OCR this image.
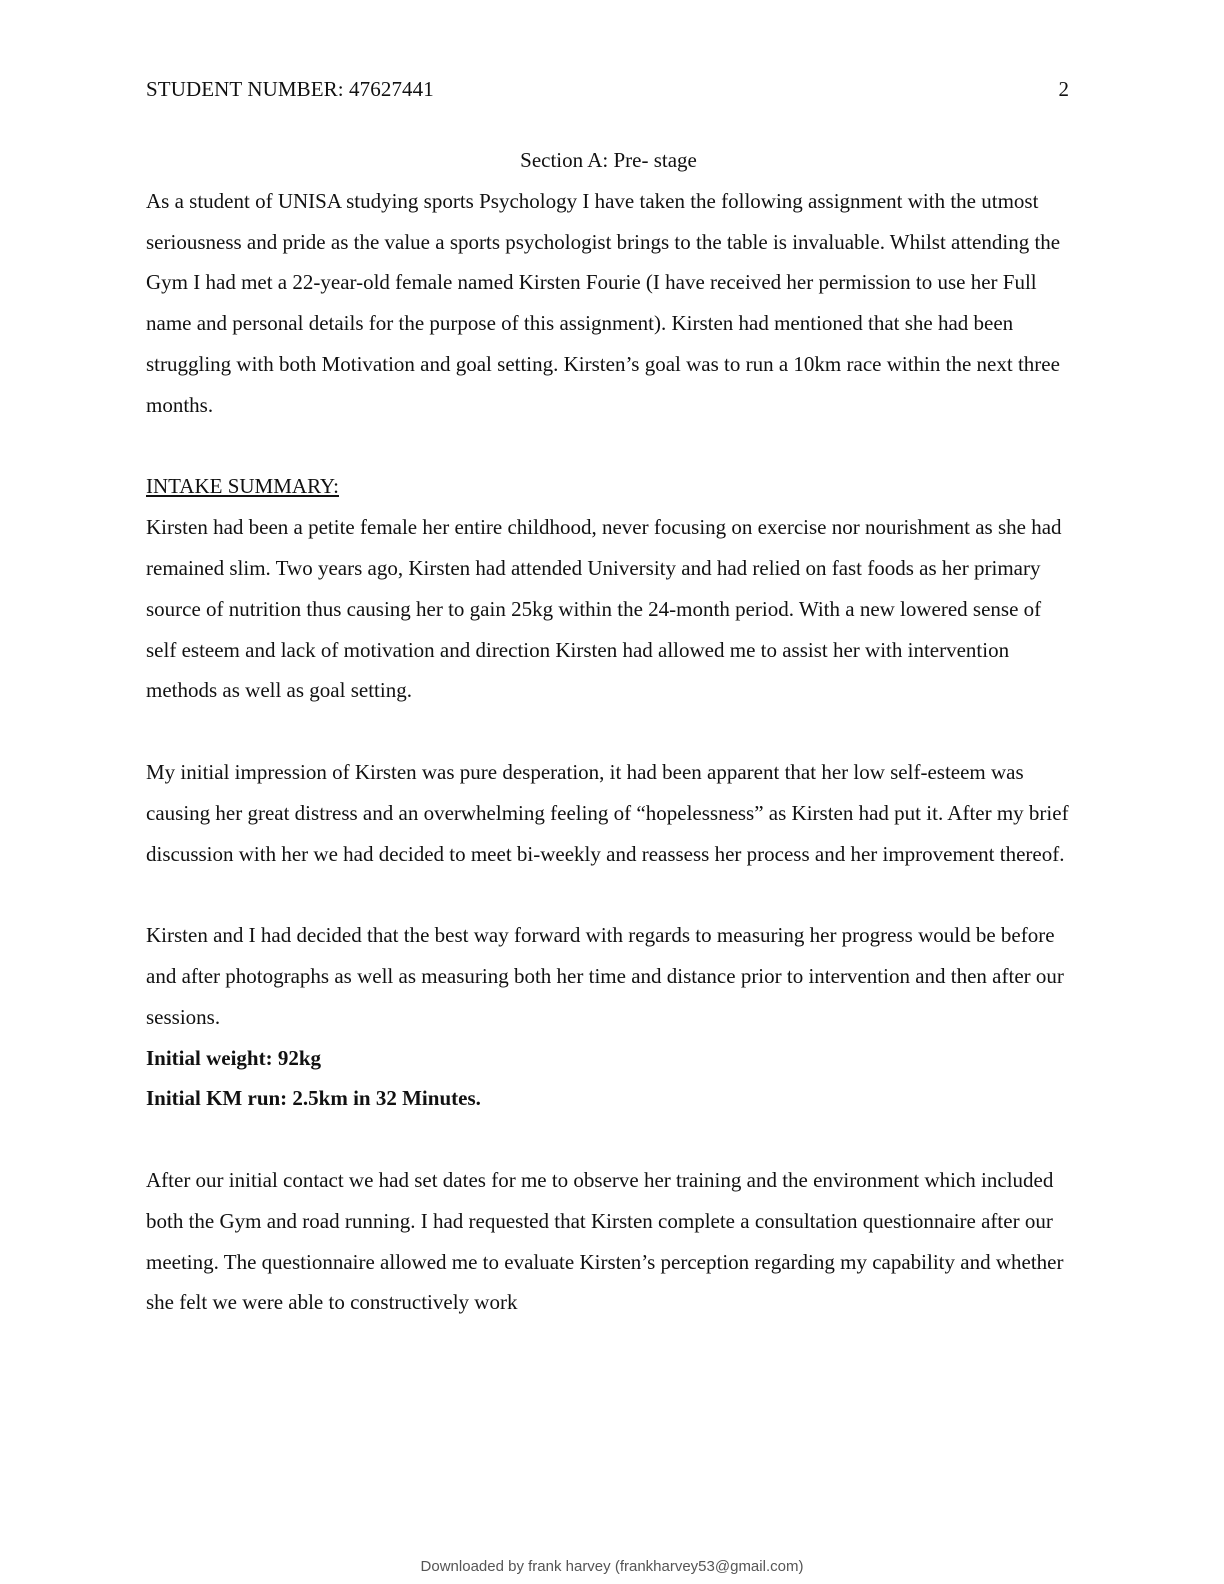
STUDENT NUMBER: 47627441	2

Section A: Pre- stage

As a student of UNISA studying sports Psychology I have taken the following assignment with the utmost seriousness and pride as the value a sports psychologist brings to the table is invaluable. Whilst attending the Gym I had met a 22-year-old female named Kirsten Fourie (I have received her permission to use her Full name and personal details for the purpose of this assignment). Kirsten had mentioned that she had been struggling with both Motivation and goal setting. Kirsten’s goal was to run a 10km race within the next three months.

INTAKE SUMMARY:

Kirsten had been a petite female her entire childhood, never focusing on exercise nor nourishment as she had remained slim. Two years ago, Kirsten had attended University and had relied on fast foods as her primary source of nutrition thus causing her to gain 25kg within the 24-month period. With a new lowered sense of self esteem and lack of motivation and direction Kirsten had allowed me to assist her with intervention methods as well as goal setting.

My initial impression of Kirsten was pure desperation, it had been apparent that her low self-esteem was causing her great distress and an overwhelming feeling of “hopelessness” as Kirsten had put it. After my brief discussion with her we had decided to meet bi-weekly and reassess her process and her improvement thereof.

Kirsten and I had decided that the best way forward with regards to measuring her progress would be before and after photographs as well as measuring both her time and distance prior to intervention and then after our sessions.

Initial weight: 92kg

Initial KM run: 2.5km in 32 Minutes.

After our initial contact we had set dates for me to observe her training and the environment which included both the Gym and road running. I had requested that Kirsten complete a consultation questionnaire after our meeting. The questionnaire allowed me to evaluate Kirsten’s perception regarding my capability and whether she felt we were able to constructively work

Downloaded by frank harvey (frankharvey53@gmail.com)
